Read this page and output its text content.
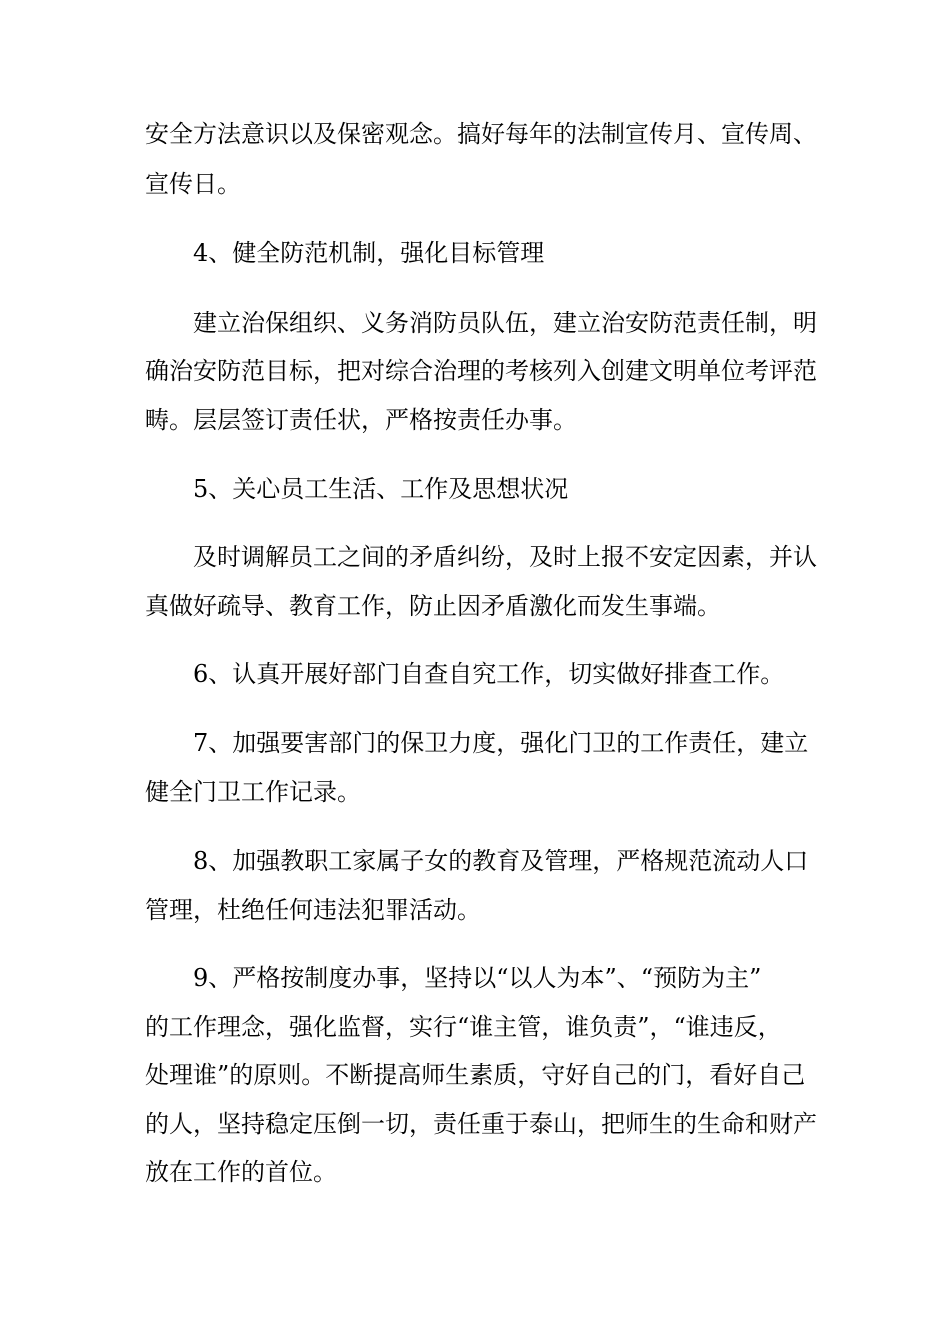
安全方法意识以及保密观念。搞好每年的法制宣传月、宣传周、

宣传日。

4、健全防范机制，强化目标管理

建立治保组织、义务消防员队伍，建立治安防范责任制，明

确治安防范目标，把对综合治理的考核列入创建文明单位考评范

畴。层层签订责任状，严格按责任办事。

5、关心员工生活、工作及思想状况

及时调解员工之间的矛盾纠纷，及时上报不安定因素，并认

真做好疏导、教育工作，防止因矛盾激化而发生事端。

6、认真开展好部门自查自究工作，切实做好排查工作。

7、加强要害部门的保卫力度，强化门卫的工作责任，建立

健全门卫工作记录。

8、加强教职工家属子女的教育及管理，严格规范流动人口

管理，杜绝任何违法犯罪活动。

9、严格按制度办事，坚持以“以人为本”、“预防为主”

的工作理念，强化监督，实行“谁主管，谁负责”，“谁违反，

处理谁”的原则。不断提高师生素质，守好自己的门，看好自己

的人，坚持稳定压倒一切，责任重于泰山，把师生的生命和财产

放在工作的首位。
